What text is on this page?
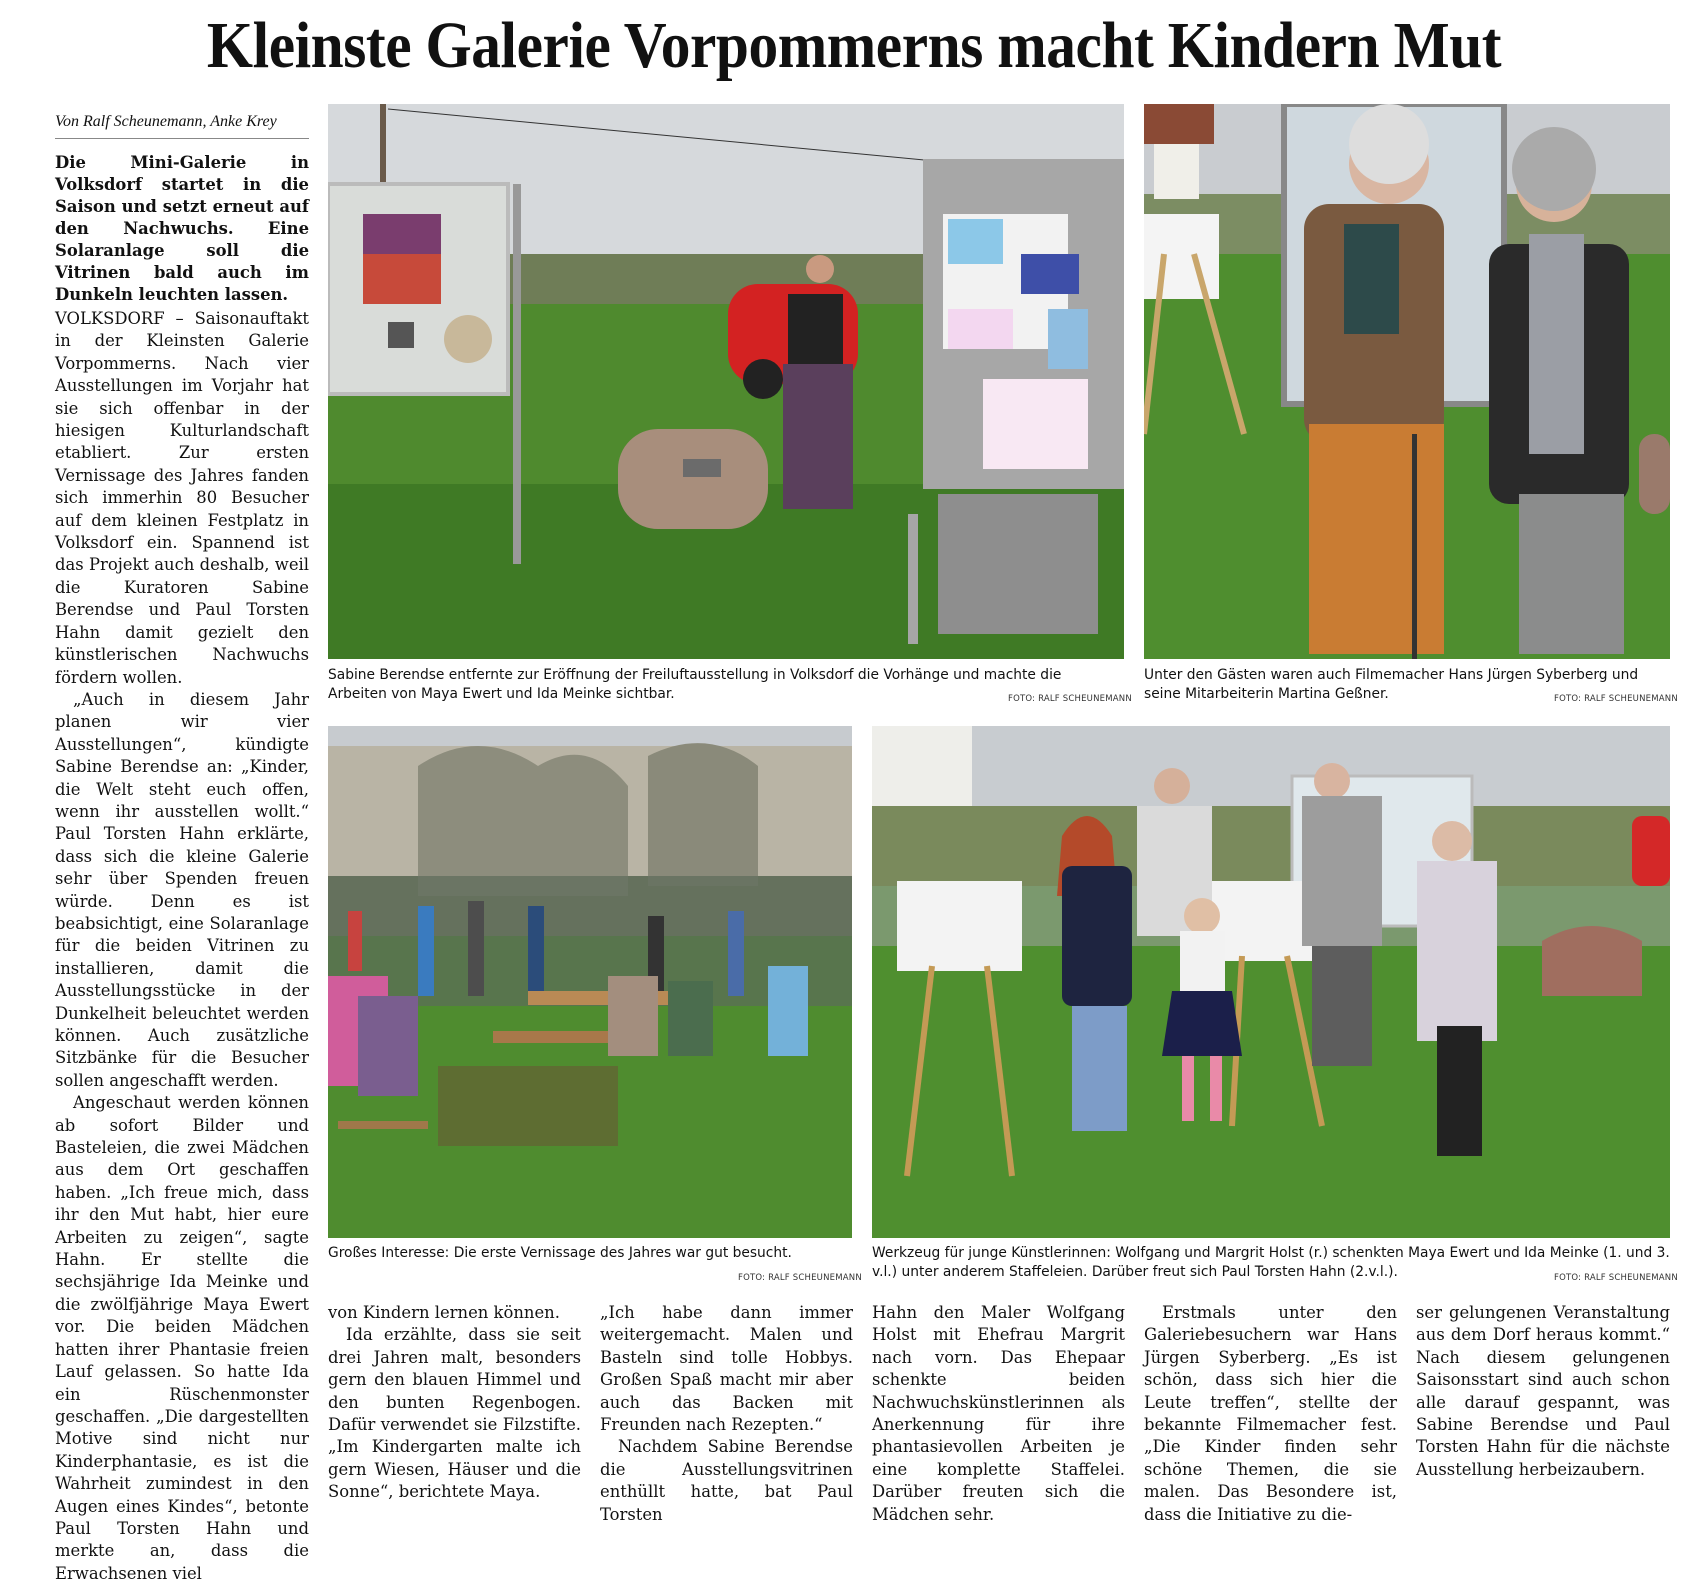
Kleinste Galerie Vorpommerns macht Kindern Mut
Von Ralf Scheunemann, Anke Krey
Die Mini-Galerie in Volksdorf startet in die Saison und setzt erneut auf den Nachwuchs. Eine Solaranlage soll die Vitrinen bald auch im Dunkeln leuchten lassen.

VOLKSDORF – Saisonauftakt in der Kleinsten Galerie Vorpommerns. Nach vier Ausstellungen im Vorjahr hat sie sich offenbar in der hiesigen Kulturlandschaft etabliert. Zur ersten Vernissage des Jahres fanden sich immerhin 80 Besucher auf dem kleinen Festplatz in Volksdorf ein. Spannend ist das Projekt auch deshalb, weil die Kuratoren Sabine Berendse und Paul Torsten Hahn damit gezielt den künstlerischen Nachwuchs fördern wollen.

„Auch in diesem Jahr planen wir vier Ausstellungen“, kündigte Sabine Berendse an: „Kinder, die Welt steht euch offen, wenn ihr ausstellen wollt.“ Paul Torsten Hahn erklärte, dass sich die kleine Galerie sehr über Spenden freuen würde. Denn es ist beabsichtigt, eine Solaranlage für die beiden Vitrinen zu installieren, damit die Ausstellungsstücke in der Dunkelheit beleuchtet werden können. Auch zusätzliche Sitzbänke für die Besucher sollen angeschafft werden.

Angeschaut werden können ab sofort Bilder und Basteleien, die zwei Mädchen aus dem Ort geschaffen haben. „Ich freue mich, dass ihr den Mut habt, hier eure Arbeiten zu zeigen“, sagte Hahn. Er stellte die sechsjährige Ida Meinke und die zwölfjährige Maya Ewert vor. Die beiden Mädchen hatten ihrer Phantasie freien Lauf gelassen. So hatte Ida ein Rüschenmonster geschaffen. „Die dargestellten Motive sind nicht nur Kinderphantasie, es ist die Wahrheit zumindest in den Augen eines Kindes“, betonte Paul Torsten Hahn und merkte an, dass die Erwachsenen viel

von Kindern lernen können.

Ida erzählte, dass sie seit drei Jahren malt, besonders gern den blauen Himmel und den bunten Regenbogen. Dafür verwendet sie Filzstifte. „Im Kindergarten malte ich gern Wiesen, Häuser und die Sonne“, berichtete Maya.

„Ich habe dann immer weitergemacht. Malen und Basteln sind tolle Hobbys. Großen Spaß macht mir aber auch das Backen mit Freunden nach Rezepten.“

Nachdem Sabine Berendse die Ausstellungsvitrinen enthüllt hatte, bat Paul Torsten

Hahn den Maler Wolfgang Holst mit Ehefrau Margrit nach vorn. Das Ehepaar schenkte beiden Nachwuchskünstlerinnen als Anerkennung für ihre phantasievollen Arbeiten je eine komplette Staffelei. Darüber freuten sich die Mädchen sehr.

Erstmals unter den Galeriebesuchern war Hans Jürgen Syberberg. „Es ist schön, dass sich hier die Leute treffen“, stellte der bekannte Filmemacher fest. „Die Kinder finden sehr schöne Themen, die sie malen. Das Besondere ist, dass die Initiative zu die-

ser gelungenen Veranstaltung aus dem Dorf heraus kommt.“ Nach diesem gelungenen Saisonsstart sind auch schon alle darauf gespannt, was Sabine Berendse und Paul Torsten Hahn für die nächste Ausstellung herbeizaubern.

Sabine Berendse entfernte zur Eröffnung der Freiluftausstellung in Volksdorf die Vorhänge und machte die Arbeiten von Maya Ewert und Ida Meinke sichtbar.	FOTO: RALF SCHEUNEMANN
Unter den Gästen waren auch Filmemacher Hans Jürgen Syberberg und seine Mitarbeiterin Martina Geßner.	FOTO: RALF SCHEUNEMANN
Großes Interesse: Die erste Vernissage des Jahres war gut besucht.
FOTO: RALF SCHEUNEMANN
Werkzeug für junge Künstlerinnen: Wolfgang und Margrit Holst (r.) schenkten Maya Ewert und Ida Meinke (1. und 3. v.l.) unter anderem Staffeleien. Darüber freut sich Paul Torsten Hahn (2.v.l.).	FOTO: RALF SCHEUNEMANN
